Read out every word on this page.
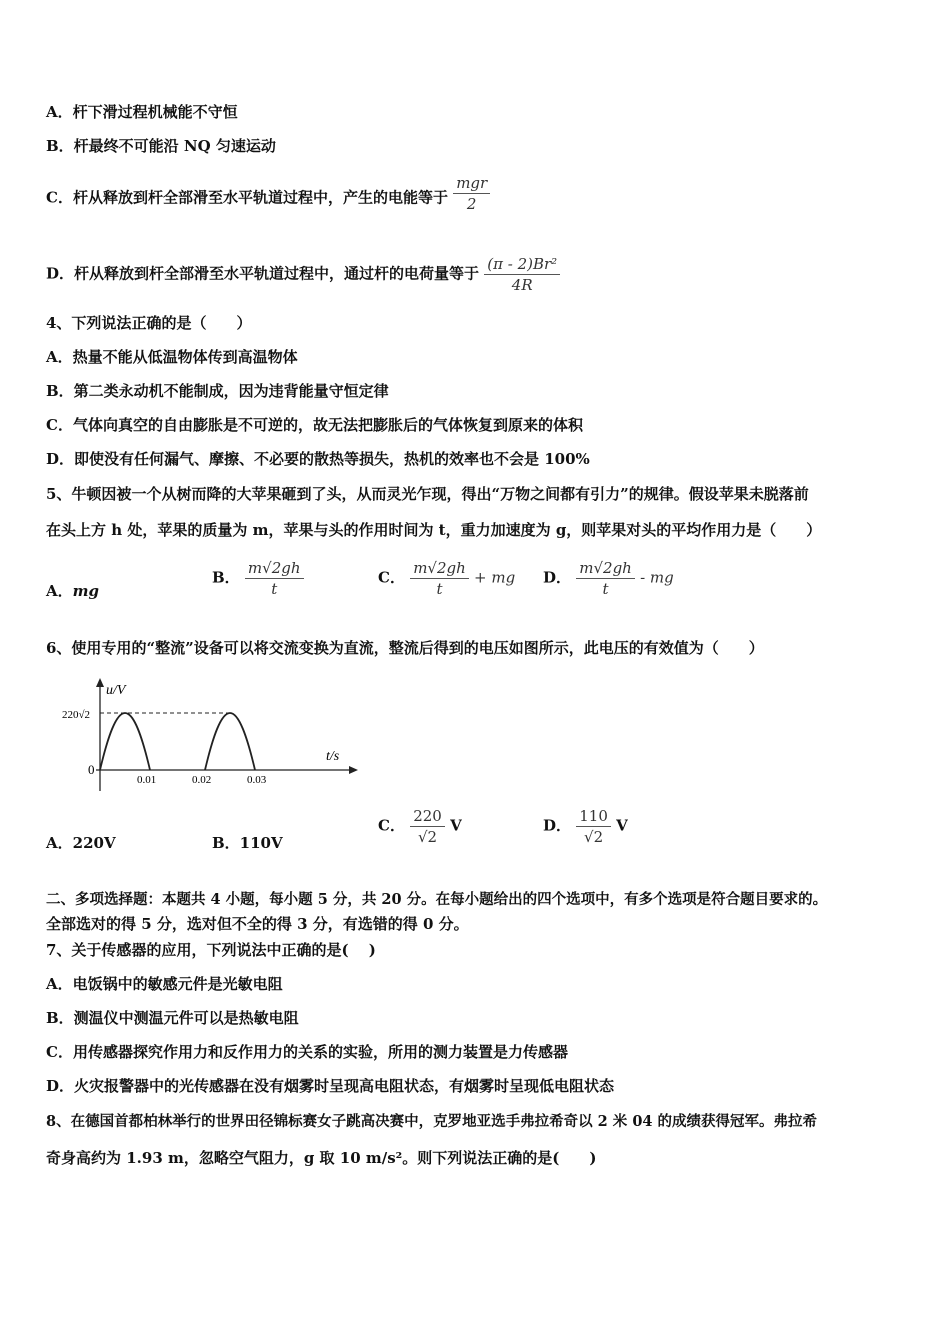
A．杆下滑过程机械能不守恒
B．杆最终不可能沿 NQ 匀速运动
C．杆从释放到杆全部滑至水平轨道过程中，产生的电能等于 $\frac{\text{mgr}}{2}$
D．杆从释放到杆全部滑至水平轨道过程中，通过杆的电荷量等于 $\frac{\text{(π - 2)Br²}}{4R}$
4、下列说法正确的是（　　）
A．热量不能从低温物体传到高温物体
B．第二类永动机不能制成，因为违背能量守恒定律
C．气体向真空的自由膨胀是不可逆的，故无法把膨胀后的气体恢复到原来的体积
D．即使没有任何漏气、摩擦、不必要的散热等损失，热机的效率也不会是 100%
5、牛顿因被一个从树而降的大苹果砸到了头，从而灵光乍现，得出“万物之间都有引力”的规律。假设苹果未脱落前
在头上方 h 处，苹果的质量为 m，苹果与头的作用时间为 t，重力加速度为 g，则苹果对头的平均作用力是（　　）
A．mg
B． $\frac{m√2gh}{t}$	C． $\frac{m√2gh}{t}$ + mg D． $\frac{m√2gh}{t}$ - mg
6、使用专用的“整流”设备可以将交流变换为直流，整流后得到的电压如图所示，此电压的有效值为（　　）
u/V
t/s
220√2
0
0.01	0.02	0.03
A．220V	B．110V
C． $\frac{220}{√2}$ V	D． $\frac{110}{√2}$ V
二、多项选择题：本题共 4 小题，每小题 5 分，共 20 分。在每小题给出的四个选项中，有多个选项是符合题目要求的。
全部选对的得 5 分，选对但不全的得 3 分，有选错的得 0 分。
7、关于传感器的应用，下列说法中正确的是(　 )
A．电饭锅中的敏感元件是光敏电阻
B．测温仪中测温元件可以是热敏电阻
C．用传感器探究作用力和反作用力的关系的实验，所用的测力装置是力传感器
D．火灾报警器中的光传感器在没有烟雾时呈现高电阻状态，有烟雾时呈现低电阻状态
8、在德国首都柏林举行的世界田径锦标赛女子跳高决赛中，克罗地亚选手弗拉希奇以 2 米 04 的成绩获得冠军。弗拉希
奇身高约为 1.93 m，忽略空气阻力，g 取 10 m/s²。则下列说法正确的是(　　)
